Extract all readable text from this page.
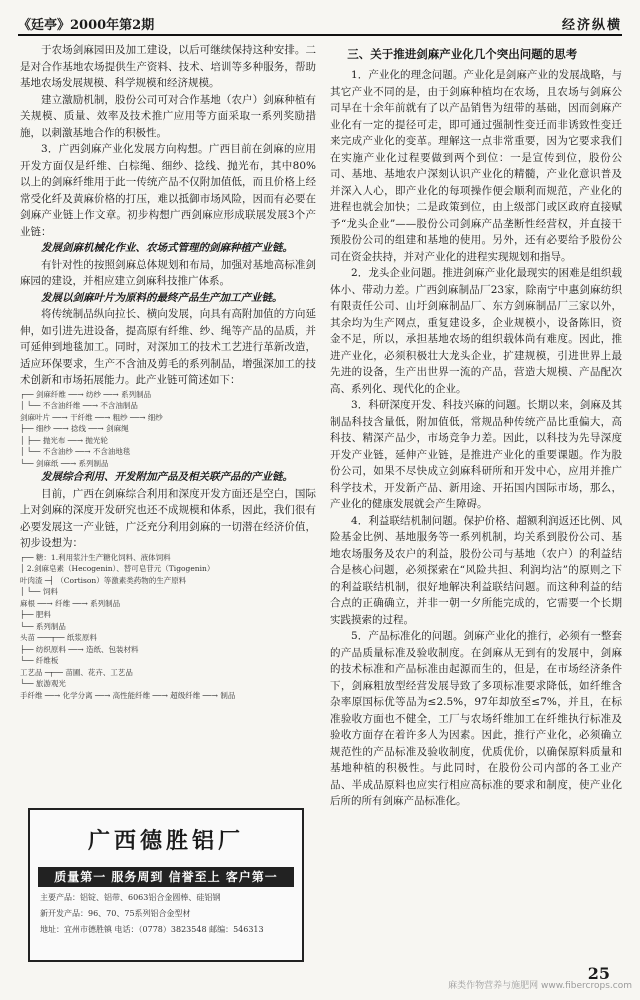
《廷亭》2000年第2期	经济纵横

于农场剑麻园田及加工建设，以后可继续保持这种安排。二是对合作基地农场提供生产资料、技术、培训等多种服务，帮助基地农场发展规模、科学规模和经济规模。

建立激励机制，股份公司可对合作基地（农户）剑麻种植有关规模、质量、效率及技术推广应用等方面采取一系列奖励措施，以刺激基地合作的积极性。

3．广西剑麻产业化发展方向构想。广西目前在剑麻的应用开发方面仅是纤维、白棕绳、细纱、捻线、抛光布，其中80%以上的剑麻纤维用于此一传统产品不仅附加值低，而且价格上经常受化纤及黄麻价格的打压，难以抵御市场风险，因而有必要在剑麻产业链上作文章。初步构想广西剑麻应形成联展发展3个产业链：

发展剑麻机械化作业、农场式管理的剑麻种植产业链。

有针对性的按照剑麻总体规划和布局，加强对基地高标准剑麻园的建设，并相应建立剑麻科技推广体系。

发展以剑麻叶片为原料的最终产品生产加工产业链。

将传统制品纵向拉长、横向发展，向具有高附加值的方向延伸，如引进先进设备，提高原有纤维、纱、绳等产品的品质，并可延伸到地毯加工。同时，对深加工的技术工艺进行革新改造，适应环保要求，生产不含油及剪毛的系列制品，增强深加工的技术创新和市场拓展能力。此产业链可简述如下：

┌── 剑麻纤维 ──→ 纺纱 ──→ 系列制品
│ └── 不含油纤维 ──→ 不含油制品
剑麻叶片 ──→ 干纤维 ──→ 粗纱 ──→ 细纱
├── 细纱 ──→ 捻线 ──→ 剑麻绳
│ ├── 抛光布 ──→ 抛光轮
│ └── 不含油纱 ──→ 不含油地毯
└── 剑麻纸 ──→ 系列制品

发展综合利用、开发附加产品及相关联产品的产业链。

目前，广西在剑麻综合利用和深度开发方面还是空白，国际上对剑麻的深度开发研究也还不成规模和体系，因此，我们很有必要发展这一产业链，广泛充分利用剑麻的一切潜在经济价值，初步设想为：

┌── 糖：1.利用浆汁生产糖化饲料、液体饲料
│ 2.剑麻皂素（Hecogenin）、替可皂苷元（Tigogenin）
叶肉渣 ─┤ （Cortison）等激素类药物的生产原料
│ └── 饲料
麻根 ──→ 纤维 ──→ 系列制品
├── 肥料
└── 系列制品
头苗 ───┬── 纸浆原料
├── 纺织原料 ──→ 造纸、包装材料
└── 纤维板
工艺品 ─┬── 苗圃、花卉、工艺品
└── 旅游观光
手纤维 ──→ 化学分离 ──→ 高性能纤维 ──→ 超级纤维 ──→ 制品
三、关于推进剑麻产业化几个突出问题的思考

1．产业化的理念问题。产业化是剑麻产业的发展战略，与其它产业不同的是，由于剑麻种植均在农场，且农场与剑麻公司早在十余年前就有了以产品销售为纽带的基础，因而剑麻产业化有一定的提径可走，即可通过强制性变迁而非诱致性变迁来完成产业化的变革。理解这一点非常重要，因为它要求我们在实施产业化过程要做到两个到位：一是宣传到位，股份公司、基地、基地农户深刻认识产业化的精髓，产业化意识普及并深入人心，即产业化的每项操作便会顺利而规范，产业化的进程也就会加快；二是政策到位，由上级部门或区政府直接赋予“龙头企业”——股份公司剑麻产品垄断性经营权，并直接干预股份公司的组建和基地的使用。另外，还有必要给予股份公司在资金扶持，并对产业化的进程实现规划和指导。

2．龙头企业问题。推进剑麻产业化最现实的困难是组织载体小、带动力差。广西剑麻制品厂23家，除南宁中惠剑麻纺织有限责任公司、山圩剑麻制品厂、东方剑麻制品厂三家以外，其余均为生产网点，重复建设多，企业规模小，设备陈旧，资金不足，所以，承担基地农场的组织载体尚有难度。因此，推进产业化，必须积极壮大龙头企业，扩建规模，引进世界上最先进的设备，生产出世界一流的产品，营造大规模、产品配次高、系列化、现代化的企业。

3．科研深度开发、科技兴麻的问题。长期以来，剑麻及其制品科技含量低，附加值低，常规品种传统产品比重偏大，高科技、精深产品少，市场竞争力差。因此，以科技为先导深度开发产业链，延伸产业链，是推进产业化的重要课题。作为股份公司，如果不尽快成立剑麻科研所和开发中心，应用并推广科学技术，开发新产品、新用途、开拓国内国际市场，那么，产业化的健康发展就会产生障碍。

4．利益联结机制问题。保护价格、超额利润返还比例、风险基金比例、基地服务等一系列机制，均关系到股份公司、基地农场服务及农户的利益，股份公司与基地（农户）的利益结合是核心问题，必须探索在“风险共担、利润均沾”的原则之下的利益联结机制，很好地解决利益联结问题。而这种利益的结合点的正确确立，并非一朝一夕所能完成的，它需要一个长期实践摸索的过程。

5．产品标准化的问题。剑麻产业化的推行，必须有一整套的产品质量标准及验收制度。在剑麻从无到有的发展中，剑麻的技术标准和产品标准由起源而生的，但是，在市场经济条件下，剑麻粗放型经营发展导致了多项标准要求降低，如纤维含杂率原国标优等品为≤2.5%，97年却放至≤7%，并且，在标准验收方面也不健全，工厂与农场纤维加工在纤维执行标准及验收方面存在着许多人为因素。因此，推行产业化，必须确立规范性的产品标准及验收制度，优质优价，以确保原料质量和基地种植的积极性。与此同时，在股份公司内部的各工业产品、半成品原料也应实行相应高标准的要求和制度，使产业化后所的所有剑麻产品标准化。

广西德胜铝厂
质量第一 服务周到 信誉至上 客户第一
主要产品：铝锭、铝带、6063铝合金圆棒、硅铝钢
新开发产品：96、70、75系列铝合金型材
地址：宜州市德胜镇 电话：（0778）3823548 邮编：546313
25
麻类作物营养与施肥网 www.fibercrops.com
